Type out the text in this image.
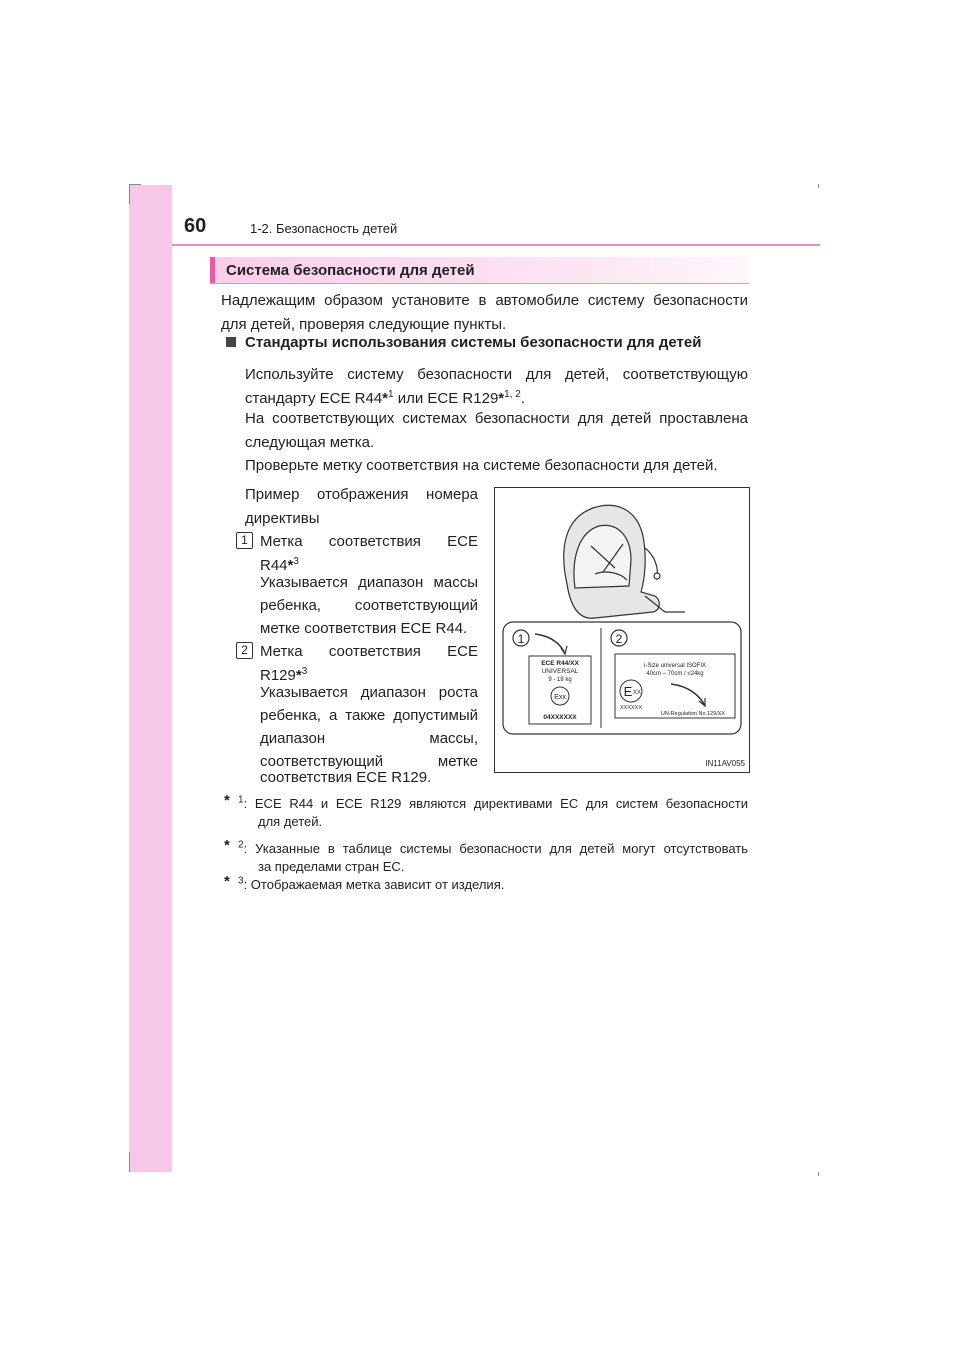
60	1-2. Безопасность детей
Система безопасности для детей
Надлежащим образом установите в автомобиле систему безопасности
для детей, проверяя следующие пункты.
Стандарты использования системы безопасности для детей
Используйте систему безопасности для детей, соответствующую
стандарту ECE R44*$^1$ или ECE R129*$^{1, 2}$.
На соответствующих системах безопасности для детей проставлена
следующая метка.
Проверьте метку соответствия на системе безопасности для детей.
Пример отображения номера
директивы
1 Метка соответствия ECE
R44*$^3$
Указывается диапазон массы
ребенка, соответствующий
метке соответствия ECE R44.
2 Метка соответствия ECE
R129*$^3$
Указывается диапазон роста
ребенка, а также допустимый
диапазон	массы,
соответствующий	метке
соответствия ECE R129.
1	2
ECE R44/XX
UNIVERSAL
9 - 18 kg
Exx
04XXXXXX
i-Size universal ISOFIX
40cm – 70cm / ≤24kg
E XX
XXXXXX
UN-Regulation No.129/XX
IN11AV055
* $^1$: ECE R44 и ECE R129 являются директивами ЕС для систем безопасности
для детей.
* $^2$: Указанные в таблице системы безопасности для детей могут отсутствовать
за пределами стран ЕС.
* $^3$: Отображаемая метка зависит от изделия.
